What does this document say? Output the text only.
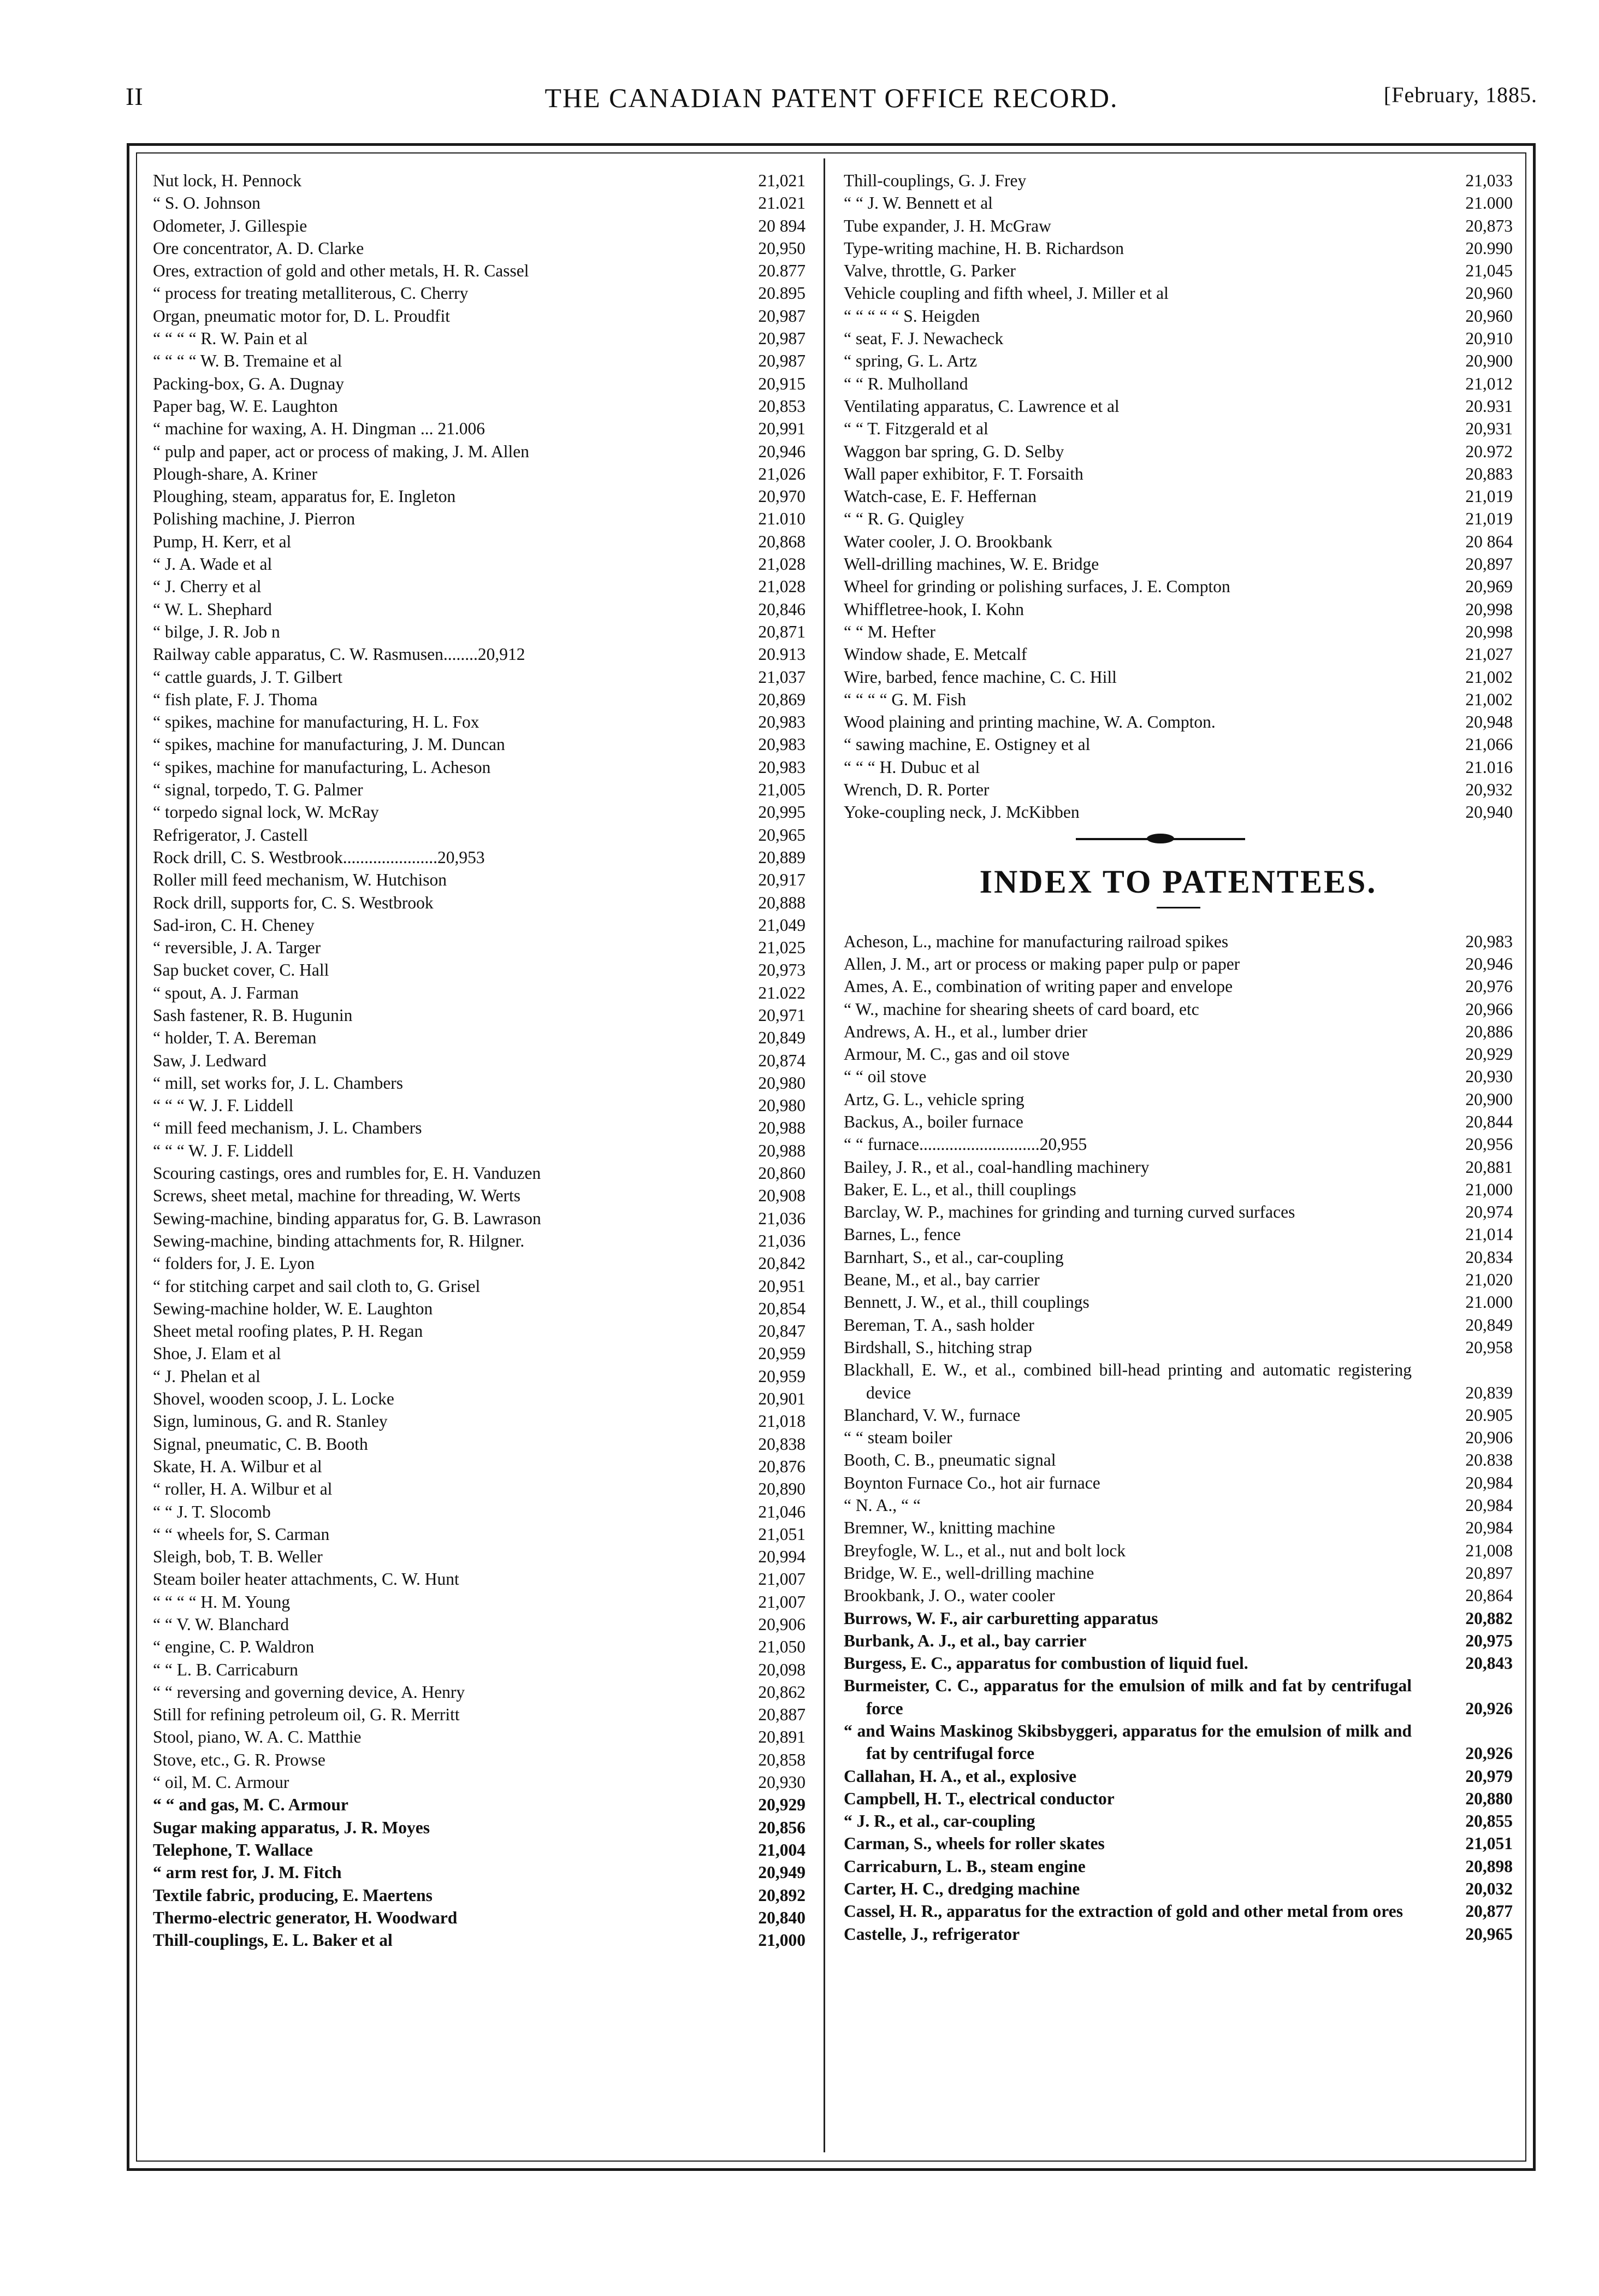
II	THE CANADIAN PATENT OFFICE RECORD.	[February, 1885.
Nut lock, H. Pennock	21,021
“ S. O. Johnson	21.021
Odometer, J. Gillespie	20 894
Ore concentrator, A. D. Clarke	20,950
Ores, extraction of gold and other metals, H. R. Cassel	20.877
“ process for treating metalliterous, C. Cherry	20.895
Organ, pneumatic motor for, D. L. Proudfit	20,987
“ “ “ “ R. W. Pain et al	20,987
“ “ “ “ W. B. Tremaine et al	20,987
Packing-box, G. A. Dugnay	20,915
Paper bag, W. E. Laughton	20,853
“ machine for waxing, A. H. Dingman ... 21.006	20,991
“ pulp and paper, act or process of making, J. M. Allen	20,946
Plough-share, A. Kriner	21,026
Ploughing, steam, apparatus for, E. Ingleton	20,970
Polishing machine, J. Pierron	21.010
Pump, H. Kerr, et al	20,868
“ J. A. Wade et al	21,028
“ J. Cherry et al	21,028
“ W. L. Shephard	20,846
“ bilge, J. R. Job n	20,871
Railway cable apparatus, C. W. Rasmusen........20,912	20.913
“ cattle guards, J. T. Gilbert	21,037
“ fish plate, F. J. Thoma	20,869
“ spikes, machine for manufacturing, H. L. Fox	20,983
“ spikes, machine for manufacturing, J. M. Duncan	20,983
“ spikes, machine for manufacturing, L. Acheson	20,983
“ signal, torpedo, T. G. Palmer	21,005
“ torpedo signal lock, W. McRay	20,995
Refrigerator, J. Castell	20,965
Rock drill, C. S. Westbrook......................20,953	20,889
Roller mill feed mechanism, W. Hutchison	20,917
Rock drill, supports for, C. S. Westbrook	20,888
Sad-iron, C. H. Cheney	21,049
“ reversible, J. A. Targer	21,025
Sap bucket cover, C. Hall	20,973
“ spout, A. J. Farman	21.022
Sash fastener, R. B. Hugunin	20,971
“ holder, T. A. Bereman	20,849
Saw, J. Ledward	20,874
“ mill, set works for, J. L. Chambers	20,980
“ “ “ W. J. F. Liddell	20,980
“ mill feed mechanism, J. L. Chambers	20,988
“ “ “ W. J. F. Liddell	20,988
Scouring castings, ores and rumbles for, E. H. Vanduzen	20,860
Screws, sheet metal, machine for threading, W. Werts	20,908
Sewing-machine, binding apparatus for, G. B. Lawrason	21,036
Sewing-machine, binding attachments for, R. Hilgner.	21,036
“ folders for, J. E. Lyon	20,842
“ for stitching carpet and sail cloth to, G. Grisel	20,951
Sewing-machine holder, W. E. Laughton	20,854
Sheet metal roofing plates, P. H. Regan	20,847
Shoe, J. Elam et al	20,959
“ J. Phelan et al	20,959
Shovel, wooden scoop, J. L. Locke	20,901
Sign, luminous, G. and R. Stanley	21,018
Signal, pneumatic, C. B. Booth	20,838
Skate, H. A. Wilbur et al	20,876
“ roller, H. A. Wilbur et al	20,890
“ “ J. T. Slocomb	21,046
“ “ wheels for, S. Carman	21,051
Sleigh, bob, T. B. Weller	20,994
Steam boiler heater attachments, C. W. Hunt	21,007
“ “ “ “ H. M. Young	21,007
“ “ V. W. Blanchard	20,906
“ engine, C. P. Waldron	21,050
“ “ L. B. Carricaburn	20,098
“ “ reversing and governing device, A. Henry	20,862
Still for refining petroleum oil, G. R. Merritt	20,887
Stool, piano, W. A. C. Matthie	20,891
Stove, etc., G. R. Prowse	20,858
“ oil, M. C. Armour	20,930
“ “ and gas, M. C. Armour	20,929
Sugar making apparatus, J. R. Moyes	20,856
Telephone, T. Wallace	21,004
“ arm rest for, J. M. Fitch	20,949
Textile fabric, producing, E. Maertens	20,892
Thermo-electric generator, H. Woodward	20,840
Thill-couplings, E. L. Baker et al	21,000
Thill-couplings, G. J. Frey	21,033
“ “ J. W. Bennett et al	21.000
Tube expander, J. H. McGraw	20,873
Type-writing machine, H. B. Richardson	20.990
Valve, throttle, G. Parker	21,045
Vehicle coupling and fifth wheel, J. Miller et al	20,960
“ “ “ “ “ S. Heigden	20,960
“ seat, F. J. Newacheck	20,910
“ spring, G. L. Artz	20,900
“ “ R. Mulholland	21,012
Ventilating apparatus, C. Lawrence et al	20.931
“ “ T. Fitzgerald et al	20,931
Waggon bar spring, G. D. Selby	20.972
Wall paper exhibitor, F. T. Forsaith	20,883
Watch-case, E. F. Heffernan	21,019
“ “ R. G. Quigley	21,019
Water cooler, J. O. Brookbank	20 864
Well-drilling machines, W. E. Bridge	20,897
Wheel for grinding or polishing surfaces, J. E. Compton	20,969
Whiffletree-hook, I. Kohn	20,998
“ “ M. Hefter	20,998
Window shade, E. Metcalf	21,027
Wire, barbed, fence machine, C. C. Hill	21,002
“ “ “ “ G. M. Fish	21,002
Wood plaining and printing machine, W. A. Compton.	20,948
“ sawing machine, E. Ostigney et al	21,066
“ “ “ H. Dubuc et al	21.016
Wrench, D. R. Porter	20,932
Yoke-coupling neck, J. McKibben	20,940
INDEX TO PATENTEES.
Acheson, L., machine for manufacturing railroad spikes	20,983
Allen, J. M., art or process or making paper pulp or paper	20,946
Ames, A. E., combination of writing paper and envelope	20,976
“ W., machine for shearing sheets of card board, etc	20,966
Andrews, A. H., et al., lumber drier	20,886
Armour, M. C., gas and oil stove	20,929
“ “ oil stove	20,930
Artz, G. L., vehicle spring	20,900
Backus, A., boiler furnace	20,844
“ “ furnace............................20,955	20,956
Bailey, J. R., et al., coal-handling machinery	20,881
Baker, E. L., et al., thill couplings	21,000
Barclay, W. P., machines for grinding and turning curved surfaces	20,974
Barnes, L., fence	21,014
Barnhart, S., et al., car-coupling	20,834
Beane, M., et al., bay carrier	21,020
Bennett, J. W., et al., thill couplings	21.000
Bereman, T. A., sash holder	20,849
Birdshall, S., hitching strap	20,958
Blackhall, E. W., et al., combined bill-head printing and automatic registering device	20,839
Blanchard, V. W., furnace	20.905
“ “ steam boiler	20,906
Booth, C. B., pneumatic signal	20.838
Boynton Furnace Co., hot air furnace	20,984
“ N. A., “ “	20,984
Bremner, W., knitting machine	20,984
Breyfogle, W. L., et al., nut and bolt lock	21,008
Bridge, W. E., well-drilling machine	20,897
Brookbank, J. O., water cooler	20,864
Burrows, W. F., air carburetting apparatus	20,882
Burbank, A. J., et al., bay carrier	20,975
Burgess, E. C., apparatus for combustion of liquid fuel.	20,843
Burmeister, C. C., apparatus for the emulsion of milk and fat by centrifugal force	20,926
“ and Wains Maskinog Skibsbyggeri, apparatus for the emulsion of milk and fat by centrifugal force	20,926
Callahan, H. A., et al., explosive	20,979
Campbell, H. T., electrical conductor	20,880
“ J. R., et al., car-coupling	20,855
Carman, S., wheels for roller skates	21,051
Carricaburn, L. B., steam engine	20,898
Carter, H. C., dredging machine	20,032
Cassel, H. R., apparatus for the extraction of gold and other metal from ores	20,877
Castelle, J., refrigerator	20,965
